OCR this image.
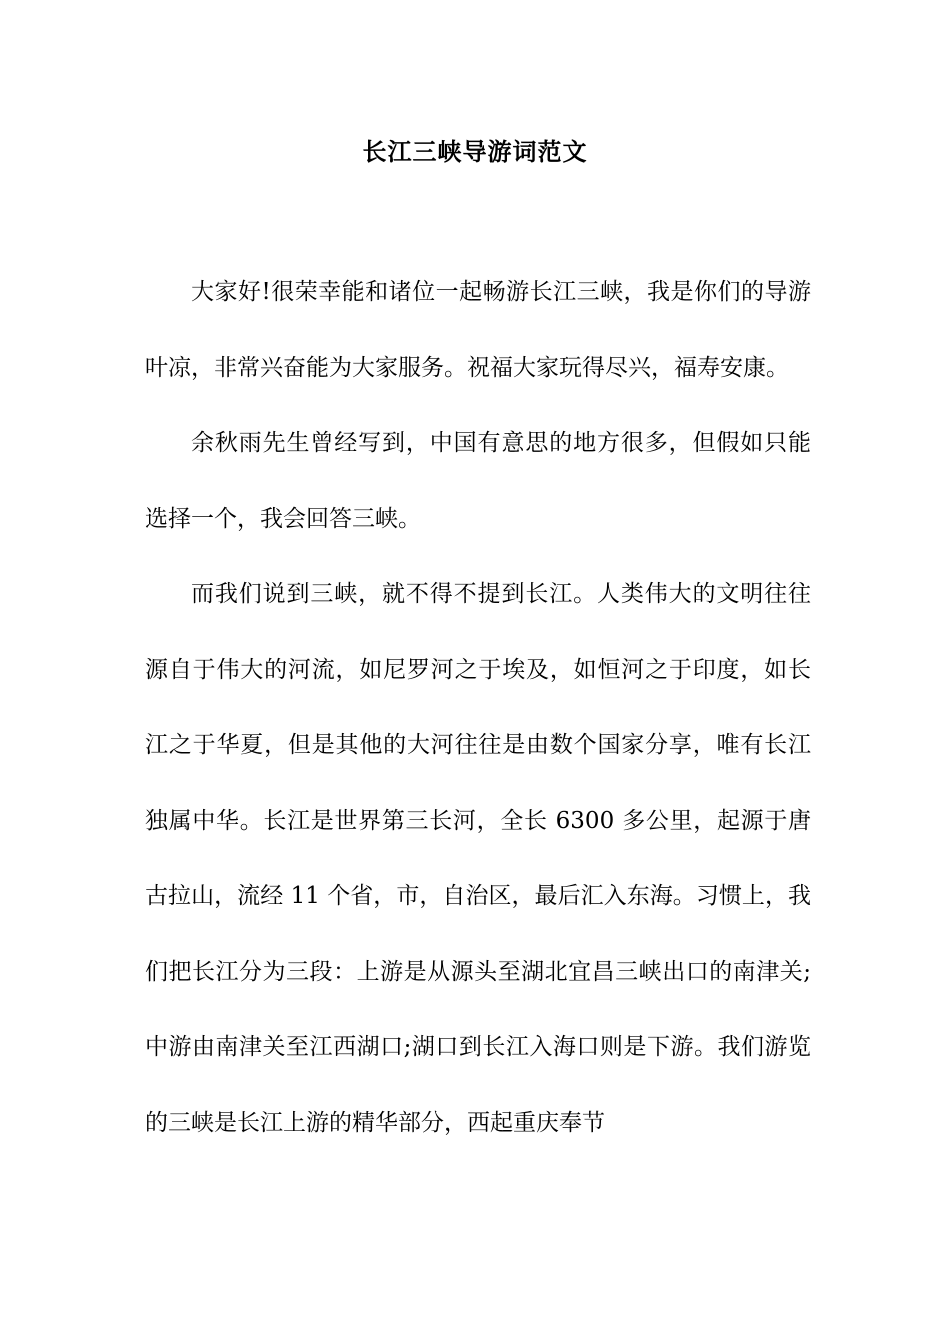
长江三峡导游词范文

大家好!很荣幸能和诸位一起畅游长江三峡，我是你们的导游叶凉，非常兴奋能为大家服务。祝福大家玩得尽兴，福寿安康。

余秋雨先生曾经写到，中国有意思的地方很多，但假如只能选择一个，我会回答三峡。

而我们说到三峡，就不得不提到长江。人类伟大的文明往往源自于伟大的河流，如尼罗河之于埃及，如恒河之于印度，如长江之于华夏，但是其他的大河往往是由数个国家分享，唯有长江独属中华。长江是世界第三长河，全长 6300 多公里，起源于唐古拉山，流经 11 个省，市，自治区，最后汇入东海。习惯上，我们把长江分为三段：上游是从源头至湖北宜昌三峡出口的南津关;中游由南津关至江西湖口;湖口到长江入海口则是下游。我们游览的三峡是长江上游的精华部分，西起重庆奉节
